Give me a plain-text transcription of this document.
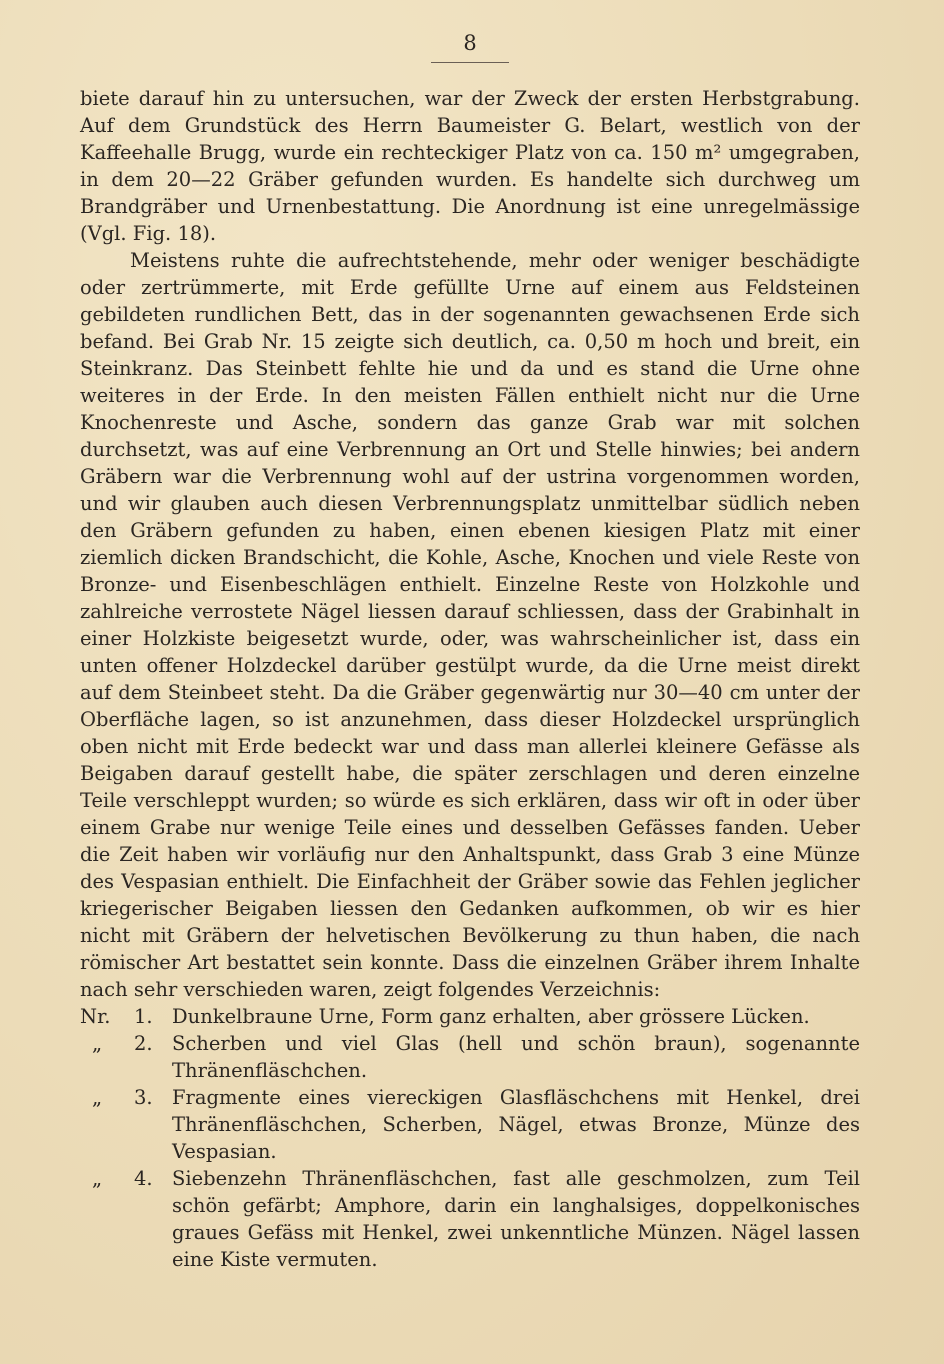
8

biete darauf hin zu untersuchen, war der Zweck der ersten Herbstgrabung. Auf dem Grundstück des Herrn Baumeister G. Belart, westlich von der Kaffeehalle Brugg, wurde ein rechteckiger Platz von ca. 150 m² umgegraben, in dem 20—22 Gräber gefunden wurden. Es handelte sich durchweg um Brandgräber und Urnenbestattung. Die Anordnung ist eine unregelmässige (Vgl. Fig. 18).

Meistens ruhte die aufrechtstehende, mehr oder weniger beschädigte oder zertrümmerte, mit Erde gefüllte Urne auf einem aus Feldsteinen gebildeten rundlichen Bett, das in der sogenannten gewachsenen Erde sich befand. Bei Grab Nr. 15 zeigte sich deutlich, ca. 0,50 m hoch und breit, ein Steinkranz. Das Steinbett fehlte hie und da und es stand die Urne ohne weiteres in der Erde. In den meisten Fällen enthielt nicht nur die Urne Knochenreste und Asche, sondern das ganze Grab war mit solchen durchsetzt, was auf eine Verbrennung an Ort und Stelle hinwies; bei andern Gräbern war die Verbrennung wohl auf der ustrina vorgenommen worden, und wir glauben auch diesen Verbrennungsplatz unmittelbar südlich neben den Gräbern gefunden zu haben, einen ebenen kiesigen Platz mit einer ziemlich dicken Brandschicht, die Kohle, Asche, Knochen und viele Reste von Bronze- und Eisenbeschlägen enthielt. Einzelne Reste von Holzkohle und zahlreiche verrostete Nägel liessen darauf schliessen, dass der Grabinhalt in einer Holzkiste beigesetzt wurde, oder, was wahrscheinlicher ist, dass ein unten offener Holzdeckel darüber gestülpt wurde, da die Urne meist direkt auf dem Steinbeet steht. Da die Gräber gegenwärtig nur 30—40 cm unter der Oberfläche lagen, so ist anzunehmen, dass dieser Holzdeckel ursprünglich oben nicht mit Erde bedeckt war und dass man allerlei kleinere Gefässe als Beigaben darauf gestellt habe, die später zerschlagen und deren einzelne Teile verschleppt wurden; so würde es sich erklären, dass wir oft in oder über einem Grabe nur wenige Teile eines und desselben Gefässes fanden. Ueber die Zeit haben wir vorläufig nur den Anhaltspunkt, dass Grab 3 eine Münze des Vespasian enthielt. Die Einfachheit der Gräber sowie das Fehlen jeglicher kriegerischer Beigaben liessen den Gedanken aufkommen, ob wir es hier nicht mit Gräbern der helvetischen Bevölkerung zu thun haben, die nach römischer Art bestattet sein konnte. Dass die einzelnen Gräber ihrem Inhalte nach sehr verschieden waren, zeigt folgendes Verzeichnis:

Nr.	1. Dunkelbraune Urne, Form ganz erhalten, aber grössere Lücken.
„	2. Scherben und viel Glas (hell und schön braun), sogenannte Thränenfläschchen.
„	3. Fragmente eines viereckigen Glasfläschchens mit Henkel, drei Thränenfläschchen, Scherben, Nägel, etwas Bronze, Münze des Vespasian.
„	4. Siebenzehn Thränenfläschchen, fast alle geschmolzen, zum Teil schön gefärbt; Amphore, darin ein langhalsiges, doppelkonisches graues Gefäss mit Henkel, zwei unkenntliche Münzen. Nägel lassen eine Kiste vermuten.
